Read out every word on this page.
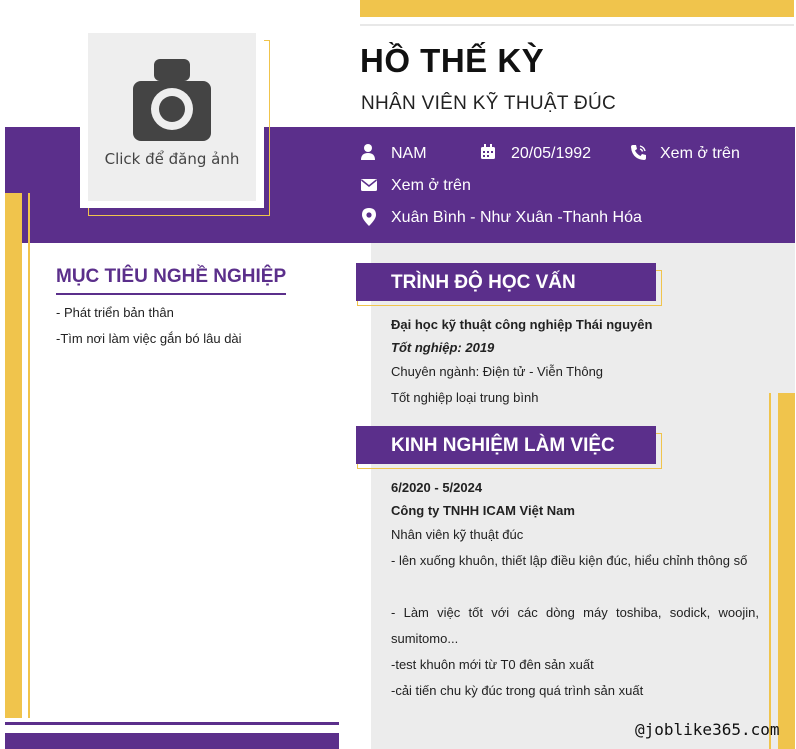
Click để đăng ảnh
HỒ THẾ KỲ
NHÂN VIÊN KỸ THUẬT ĐÚC
NAM	20/05/1992	Xem ở trên
Xem ở trên
Xuân Bình - Như Xuân -Thanh Hóa
MỤC TIÊU NGHỀ NGHIỆP
- Phát triển bản thân
-Tìm nơi làm việc gắn bó lâu dài
TRÌNH ĐỘ HỌC VẤN
Đại học kỹ thuật công nghiệp Thái nguyên
Tốt nghiệp: 2019
Chuyên ngành: Điện tử - Viễn Thông
Tốt nghiệp loại trung bình
KINH NGHIỆM LÀM VIỆC
6/2020 - 5/2024
Công ty TNHH ICAM Việt Nam
Nhân viên kỹ thuật đúc
- lên xuống khuôn, thiết lập điều kiện đúc, hiểu chỉnh thông số
- Làm việc tốt với các dòng máy toshiba, sodick, woojin, sumitomo...
-test khuôn mới từ T0 đên sản xuất
-cải tiến chu kỳ đúc trong quá trình sản xuất
@joblike365.com
